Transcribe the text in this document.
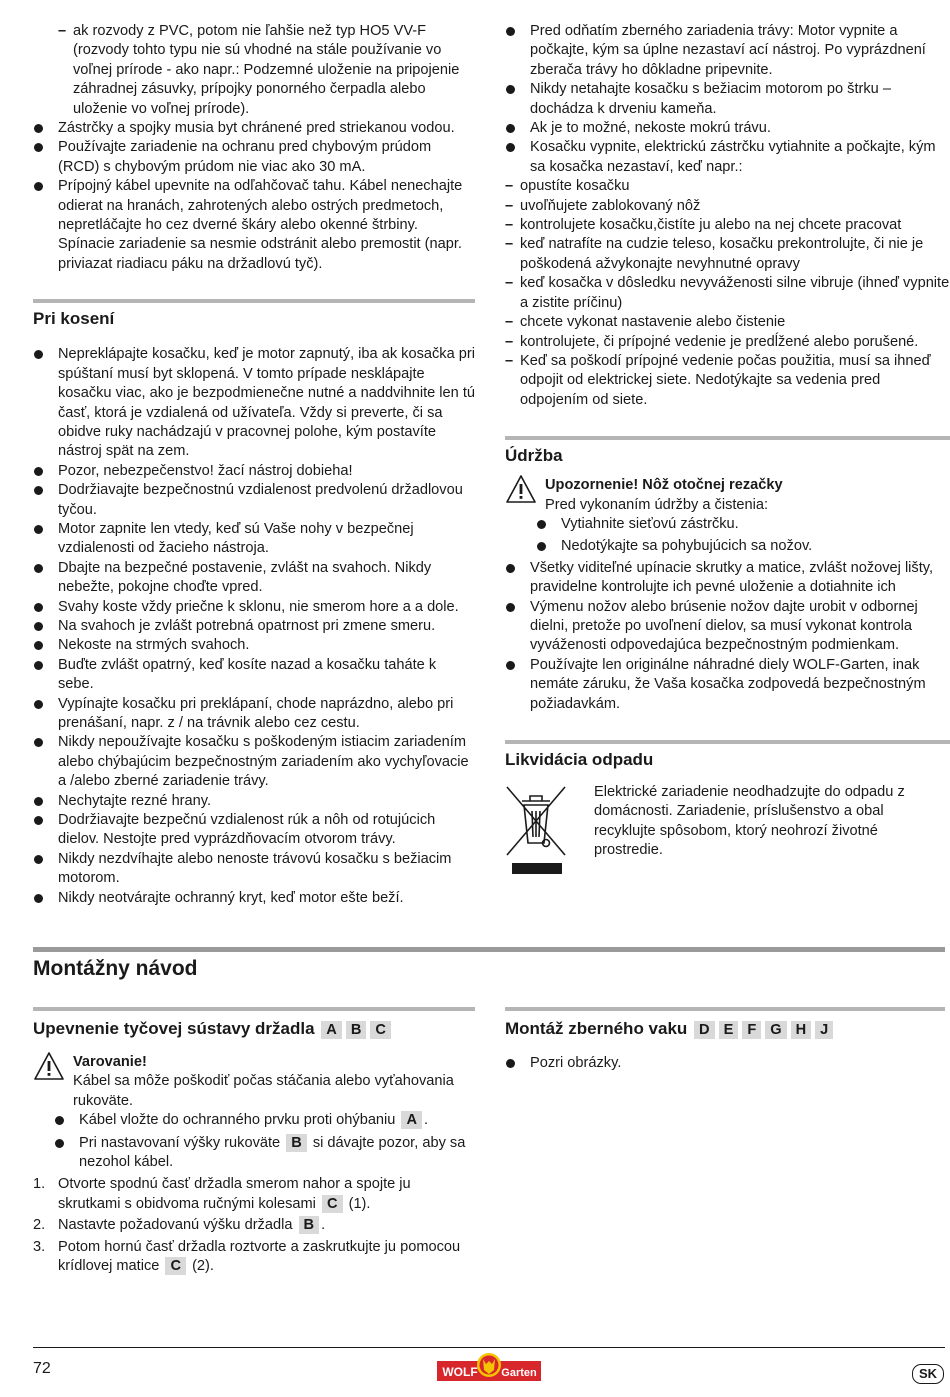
– ak rozvody z PVC, potom nie ľahšie než typ HO5 VV-F (rozvody tohto typu nie sú vhodné na stále používanie vo voľnej prírode - ako napr.: Podzemné uloženie na pripojenie záhradnej zásuvky, prípojky ponorného čerpadla alebo uloženie vo voľnej prírode).
Zástrčky a spojky musia byt chránené pred striekanou vodou.
Používajte zariadenie na ochranu pred chybovým prúdom (RCD) s chybovým prúdom nie viac ako 30 mA.
Prípojný kábel upevnite na odľahčovač tahu. Kábel nenechajte odierat na hranách, zahrotených alebo ostrých predmetoch, nepretláčajte ho cez dverné škáry alebo okenné štrbiny. Spínacie zariadenie sa nesmie odstránit alebo premostit (napr. priviazat riadiacu páku na držadlovú tyč).
Pri kosení
Nepreklápajte kosačku, keď je motor zapnutý, iba ak kosačka pri spúštaní musí byt sklopená. V tomto prípade nesklápajte kosačku viac, ako je bezpodmienečne nutné a naddvihnite len tú časť, ktorá je vzdialená od užívateľa. Vždy si preverte, či sa obidve ruky nachádzajú v pracovnej polohe, kým postavíte nástroj spät na zem.
Pozor, nebezpečenstvo! žací nástroj dobieha!
Dodržiavajte bezpečnostnú vzdialenost predvolenú držadlovou tyčou.
Motor zapnite len vtedy, keď sú Vaše nohy v bezpečnej vzdialenosti od žacieho nástroja.
Dbajte na bezpečné postavenie, zvlášt na svahoch. Nikdy nebežte, pokojne choďte vpred.
Svahy koste vždy priečne k sklonu, nie smerom hore a a dole.
Na svahoch je zvlášt potrebná opatrnost pri zmene smeru.
Nekoste na strmých svahoch.
Buďte zvlášt opatrný, keď kosíte nazad a kosačku taháte k sebe.
Vypínajte kosačku pri preklápaní, chode naprázdno, alebo pri prenášaní, napr. z / na trávnik alebo cez cestu.
Nikdy nepoužívajte kosačku s poškodeným istiacim zariadením alebo chýbajúcim bezpečnostným zariadením ako vychyľovacie a /alebo zberné zariadenie trávy.
Nechytajte rezné hrany.
Dodržiavajte bezpečnú vzdialenost rúk a nôh od rotujúcich dielov. Nestojte pred vyprázdňovacím otvorom trávy.
Nikdy nezdvíhajte alebo nenoste trávovú kosačku s bežiacim motorom.
Nikdy neotvárajte ochranný kryt, keď motor ešte beží.
Pred odňatím zberného zariadenia trávy: Motor vypnite a počkajte, kým sa úplne nezastaví ací nástroj. Po vyprázdnení zberača trávy ho dôkladne pripevnite.
Nikdy netahajte kosačku s bežiacim motorom po štrku – dochádza k drveniu kameňa.
Ak je to možné, nekoste mokrú trávu.
Kosačku vypnite, elektrickú zástrčku vytiahnite a počkajte, kým sa kosačka nezastaví, keď napr.:
– opustíte kosačku
– uvoľňujete zablokovaný nôž
– kontrolujete kosačku,čistíte ju alebo na nej chcete pracovat
– keď natrafíte na cudzie teleso, kosačku prekontrolujte, či nie je poškodená ažvykonajte nevyhnutné opravy
– keď kosačka v dôsledku nevyváženosti silne vibruje (ihneď vypnite a zistite príčinu)
– chcete vykonat nastavenie alebo čistenie
– kontrolujete, či prípojné vedenie je predĺžené alebo porušené.
– Keď sa poškodí prípojné vedenie počas použitia, musí sa ihneď odpojit od elektrickej siete. Nedotýkajte sa vedenia pred odpojením od siete.
Údržba
Upozornenie! Nôž otočnej rezačky
Pred vykonaním údržby a čistenia:
Vytiahnite sieťovú zástrčku.
Nedotýkajte sa pohybujúcich sa nožov.
Všetky viditeľné upínacie skrutky a matice, zvlášt nožovej lišty, pravidelne kontrolujte ich pevné uloženie a dotiahnite ich
Výmenu nožov alebo brúsenie nožov dajte urobit v odbornej dielni, pretože po uvoľnení dielov, sa musí vykonat kontrola vyváženosti odpovedajúca bezpečnostným podmienkam.
Používajte len originálne náhradné diely WOLF-Garten, inak nemáte záruku, že Vaša kosačka zodpovedá bezpečnostným požiadavkám.
Likvidácia odpadu
Elektrické zariadenie neodhadzujte do odpadu z domácnosti. Zariadenie, príslušenstvo a obal recyklujte spôsobom, ktorý neohrozí životné prostredie.
Montážny návod
Upevnenie tyčovej sústavy držadla A B C
Varovanie!
Kábel sa môže poškodiť počas stáčania alebo vyťahovania rukoväte.
Kábel vložte do ochranného prvku proti ohýbaniu A .
Pri nastavovaní výšky rukoväte B si dávajte pozor, aby sa nezohol kábel.
1. Otvorte spodnú časť držadla smerom nahor a spojte ju skrutkami s obidvoma ručnými kolesami C (1).
2. Nastavte požadovanú výšku držadla B .
3. Potom hornú časť držadla roztvorte a zaskrutkujte ju pomocou krídlovej matice C (2).
Montáž zberného vaku D E F G H J
Pozri obrázky.
72	WOLF Garten	SK
